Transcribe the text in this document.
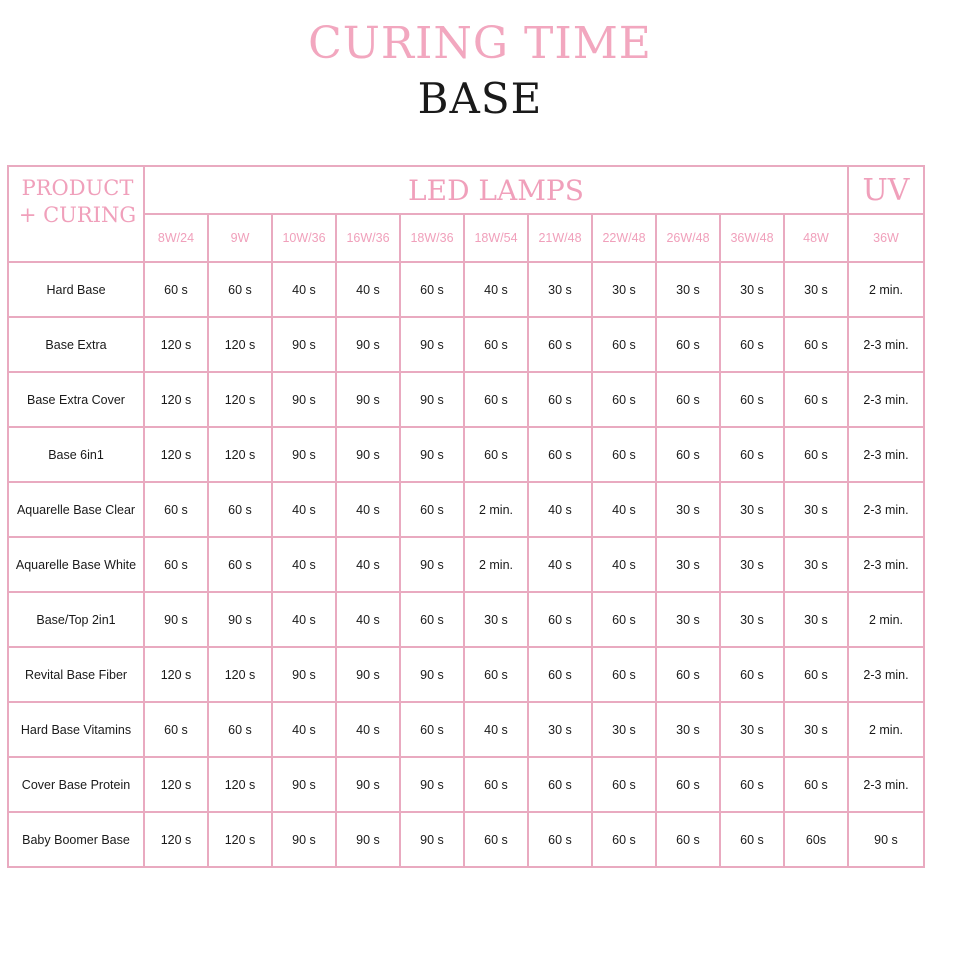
CURING TIME
BASE
PRODUCT
+ CURING	LED LAMPS											UV
	8W/24	9W	10W/36	16W/36	18W/36	18W/54	21W/48	22W/48	26W/48	36W/48	48W	36W
Hard Base	60 s	60 s	40 s	40 s	60 s	40 s	30 s	30 s	30 s	30 s	30 s	2 min.
Base Extra	120 s	120 s	90 s	90 s	90 s	60 s	60 s	60 s	60 s	60 s	60 s	2-3 min.
Base Extra Cover	120 s	120 s	90 s	90 s	90 s	60 s	60 s	60 s	60 s	60 s	60 s	2-3 min.
Base 6in1	120 s	120 s	90 s	90 s	90 s	60 s	60 s	60 s	60 s	60 s	60 s	2-3 min.
Aquarelle Base Clear	60 s	60 s	40 s	40 s	60 s	2 min.	40 s	40 s	30 s	30 s	30 s	2-3 min.
Aquarelle Base White	60 s	60 s	40 s	40 s	90 s	2 min.	40 s	40 s	30 s	30 s	30 s	2-3 min.
Base/Top 2in1	90 s	90 s	40 s	40 s	60 s	30 s	60 s	60 s	30 s	30 s	30 s	2 min.
Revital Base Fiber	120 s	120 s	90 s	90 s	90 s	60 s	60 s	60 s	60 s	60 s	60 s	2-3 min.
Hard Base Vitamins	60 s	60 s	40 s	40 s	60 s	40 s	30 s	30 s	30 s	30 s	30 s	2 min.
Cover Base Protein	120 s	120 s	90 s	90 s	90 s	60 s	60 s	60 s	60 s	60 s	60 s	2-3 min.
Baby Boomer Base	120 s	120 s	90 s	90 s	90 s	60 s	60 s	60 s	60 s	60 s	60s	90 s
